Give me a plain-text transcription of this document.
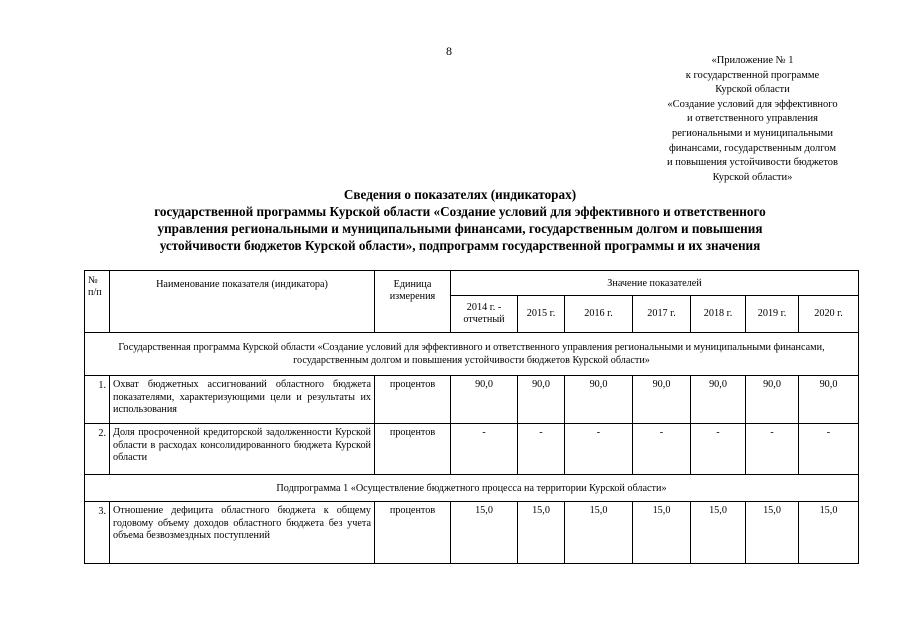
8
«Приложение № 1
к государственной программе
Курской области
«Создание условий для эффективного
и ответственного управления
региональными и муниципальными
финансами, государственным долгом
и повышения устойчивости бюджетов
Курской области»
Сведения о показателях (индикаторах)
государственной программы Курской области «Создание условий для эффективного и ответственного
управления региональными и муниципальными финансами, государственным долгом и повышения
устойчивости бюджетов Курской области», подпрограмм государственной программы и их значения
№ п/п	Наименование показателя (индикатора)	Единица измерения	Значение показателей						
			2014 г. - отчетный	2015 г.	2016 г.	2017 г.	2018 г.	2019 г.	2020 г.
Государственная программа Курской области «Создание условий для эффективного и ответственного управления региональными и муниципальными финансами, государственным долгом и повышения устойчивости бюджетов Курской области»									
1.	Охват бюджетных ассигнований областного бюджета показателями, характеризующими цели и результаты их использования	процентов	90,0	90,0	90,0	90,0	90,0	90,0	90,0
2.	Доля просроченной кредиторской задолженности Курской области в расходах консолидированного бюджета Курской области	процентов	-	-	-	-	-	-	-
Подпрограмма 1 «Осуществление бюджетного процесса на территории Курской области»									
3.	Отношение дефицита областного бюджета к общему годовому объему доходов областного бюджета без учета объема безвозмездных поступлений	процентов	15,0	15,0	15,0	15,0	15,0	15,0	15,0
